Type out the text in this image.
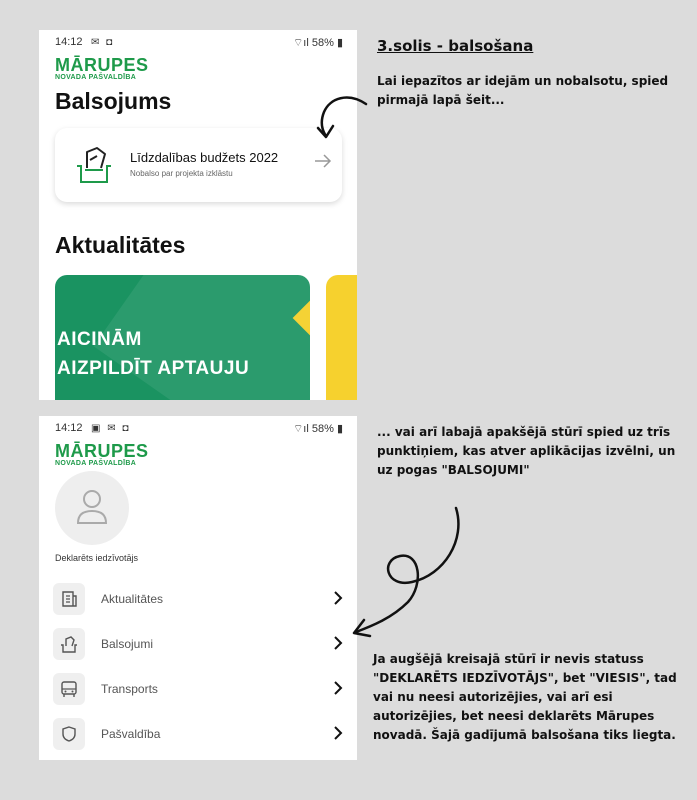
14:12 ✉ ◘	⌔ıl 58% ▮
MĀRUPES
NOVADA PAŠVALDĪBA
Balsojums
Līdzdalības budžets 2022
Nobalso par projekta izklāstu
Aktualitātes
AICINĀM
AIZPILDĪT APTAUJU
14:12 ▣ ✉ ◘	⌔ıl 58% ▮
MĀRUPES
NOVADA PAŠVALDĪBA
Deklarēts iedzīvotājs
Aktualitātes
Balsojumi
Transports
Pašvaldība
3.solis - balsošana
Lai iepazītos ar idejām un nobalsotu, spied pirmajā lapā šeit...
... vai arī labajā apakšējā stūrī spied uz trīs punktiņiem, kas atver aplikācijas izvēlni, un uz pogas "BALSOJUMI"
Ja augšējā kreisajā stūrī ir nevis statuss "DEKLARĒTS IEDZĪVOTĀJS", bet "VIESIS", tad vai nu neesi autorizējies, vai arī esi autorizējies, bet neesi deklarēts Mārupes novadā. Šajā gadījumā balsošana tiks liegta.
